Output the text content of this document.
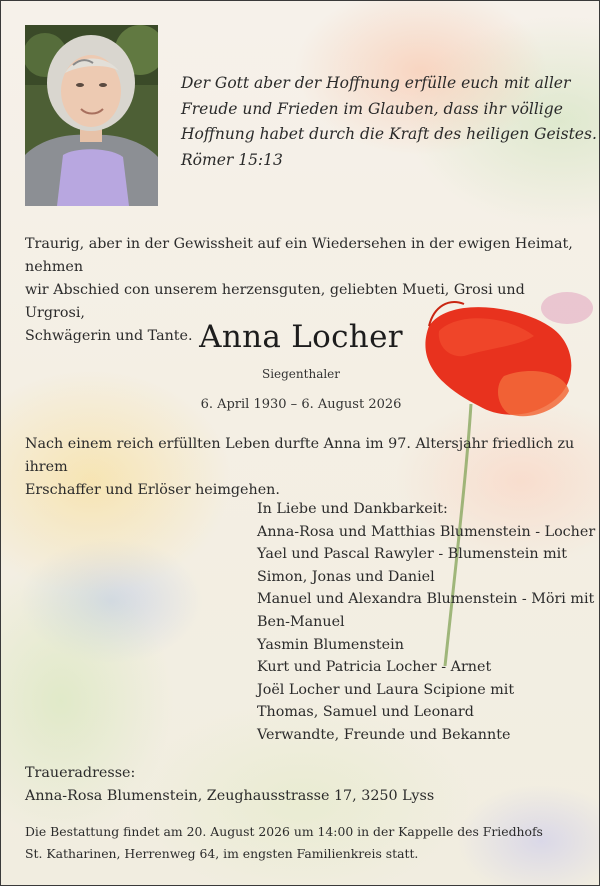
Der Gott aber der Hoffnung erfülle euch mit aller
Freude und Frieden im Glauben, dass ihr völlige
Hoffnung habet durch die Kraft des heiligen Geistes.
Römer 15:13
Traurig, aber in der Gewissheit auf ein Wiedersehen in der ewigen Heimat, nehmen
wir Abschied con unserem herzensguten, geliebten Mueti, Grosi und Urgrosi,
Schwägerin und Tante. Anna Locher
Siegenthaler
6. April 1930 – 6. August 2026
Nach einem reich erfüllten Leben durfte Anna im 97. Altersjahr friedlich zu ihrem
Erschaffer und Erlöser heimgehen.
In Liebe und Dankbarkeit:
Anna-Rosa und Matthias Blumenstein - Locher
Yael und Pascal Rawyler - Blumenstein mit
Simon, Jonas und Daniel
Manuel und Alexandra Blumenstein - Möri mit
Ben-Manuel
Yasmin Blumenstein
Kurt und Patricia Locher - Arnet
Joël Locher und Laura Scipione mit
Thomas, Samuel und Leonard
Verwandte, Freunde und Bekannte
Traueradresse:
Anna-Rosa Blumenstein, Zeughausstrasse 17, 3250 Lyss
Die Bestattung findet am 20. August 2026 um 14:00 in der Kappelle des Friedhofs
St. Katharinen, Herrenweg 64, im engsten Familienkreis statt.
